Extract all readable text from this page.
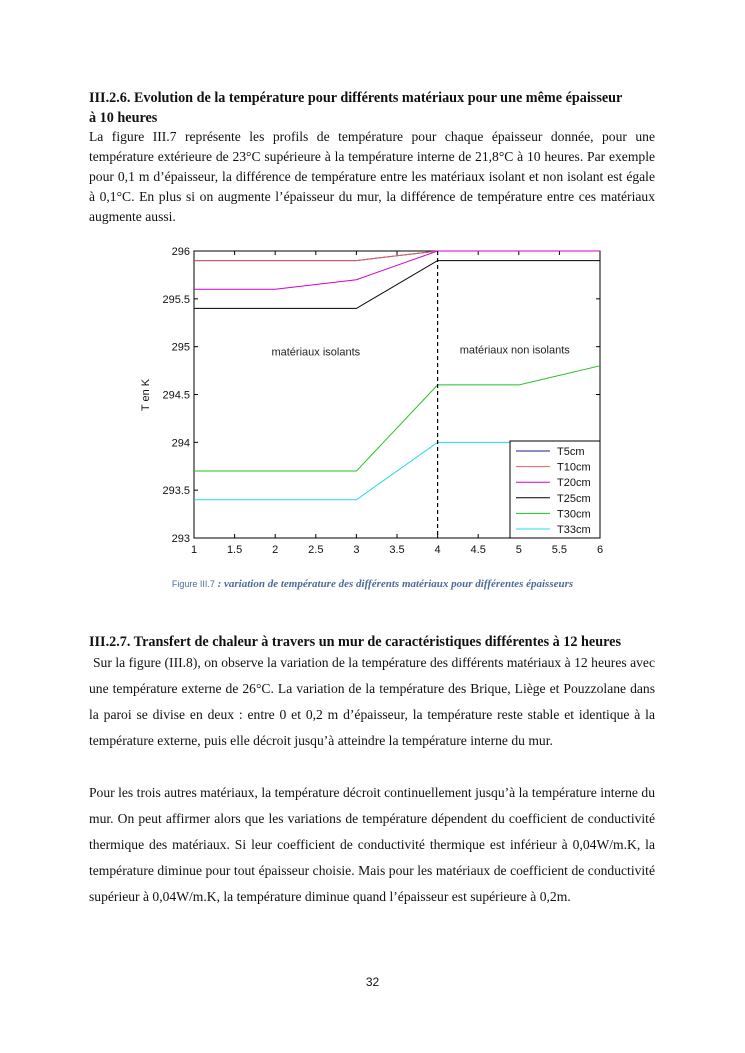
III.2.6. Evolution de la température pour différents matériaux pour une même épaisseur
à 10 heures
La figure III.7 représente les profils de température pour chaque épaisseur donnée, pour une température extérieure de 23°C supérieure à la température interne de 21,8°C à 10 heures. Par exemple pour 0,1 m d’épaisseur, la différence de température entre les matériaux isolant et non isolant est égale à 0,1°C. En plus si on augmente l’épaisseur du mur, la différence de température entre ces matériaux augmente aussi.
1	1.5	2	2.5	3	3.5	4	4.5	5	5.5	6
293
293.5
294
294.5
295
295.5
296
matériaux isolants	matériaux non isolants
T en K
T5cm
T10cm
T20cm
T25cm
T30cm
T33cm
Figure III.7 : variation de température des différents matériaux pour différentes épaisseurs
III.2.7. Transfert de chaleur à travers un mur de caractéristiques différentes à 12 heures
Sur la figure (III.8), on observe la variation de la température des différents matériaux à 12 heures avec une température externe de 26°C. La variation de la température des Brique, Liège et Pouzzolane dans la paroi se divise en deux : entre 0 et 0,2 m d’épaisseur, la température reste stable et identique à la température externe, puis elle décroit jusqu’à atteindre la température interne du mur.
Pour les trois autres matériaux, la température décroit continuellement jusqu’à la température interne du mur. On peut affirmer alors que les variations de température dépendent du coefficient de conductivité thermique des matériaux. Si leur coefficient de conductivité thermique est inférieur à 0,04W/m.K, la température diminue pour tout épaisseur choisie. Mais pour les matériaux de coefficient de conductivité supérieur à 0,04W/m.K, la température diminue quand l’épaisseur est supérieure à 0,2m.
32
